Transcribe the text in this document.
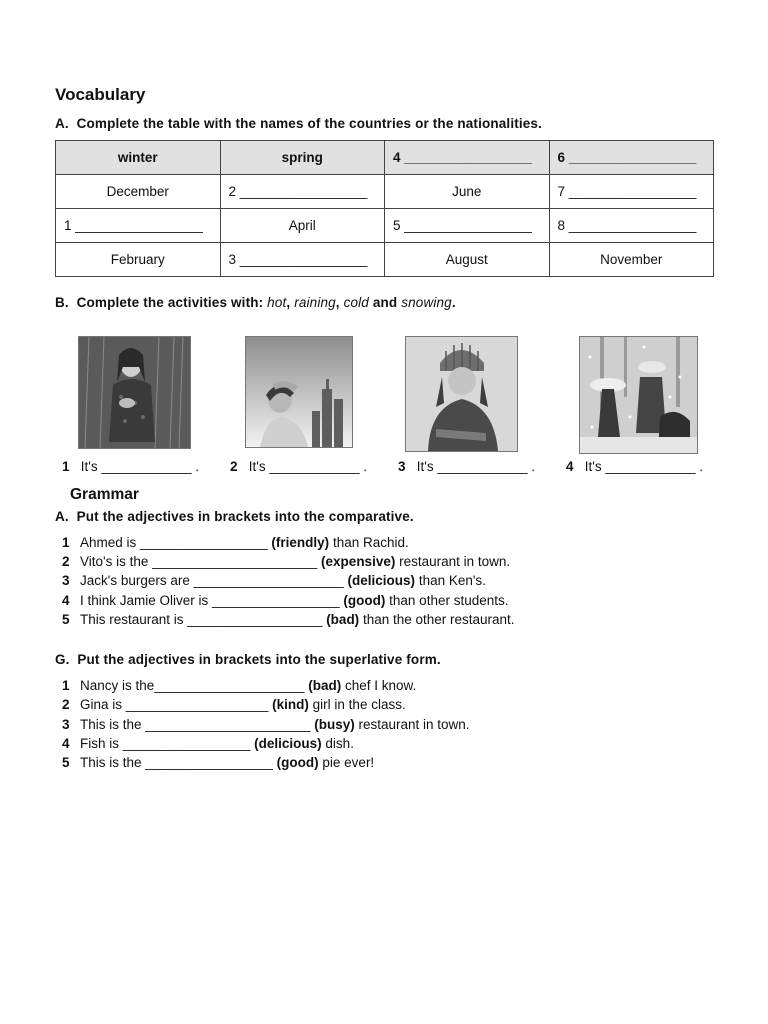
Vocabulary
A. Complete the table with the names of the countries or the nationalities.
winter	spring	4 _________________	6 _________________
December	2 _________________	June	7 _________________
1 _________________	April	5 _________________	8 _________________
February	3 _________________	August	November
B. Complete the activities with: hot, raining, cold and snowing.
1 It's ____________ . 2 It's ____________ . 3 It's ____________ . 4 It's ____________ .
Grammar
A. Put the adjectives in brackets into the comparative.
1 Ahmed is _________________ (friendly) than Rachid.
2 Vito's is the ______________________ (expensive) restaurant in town.
3 Jack's burgers are ____________________ (delicious) than Ken's.
4 I think Jamie Oliver is _________________ (good) than other students.
5 This restaurant is __________________ (bad) than the other restaurant.
G. Put the adjectives in brackets into the superlative form.
1 Nancy is the____________________ (bad) chef I know.
2 Gina is ___________________ (kind) girl in the class.
3 This is the ______________________ (busy) restaurant in town.
4 Fish is _________________ (delicious) dish.
5 This is the _________________ (good) pie ever!
